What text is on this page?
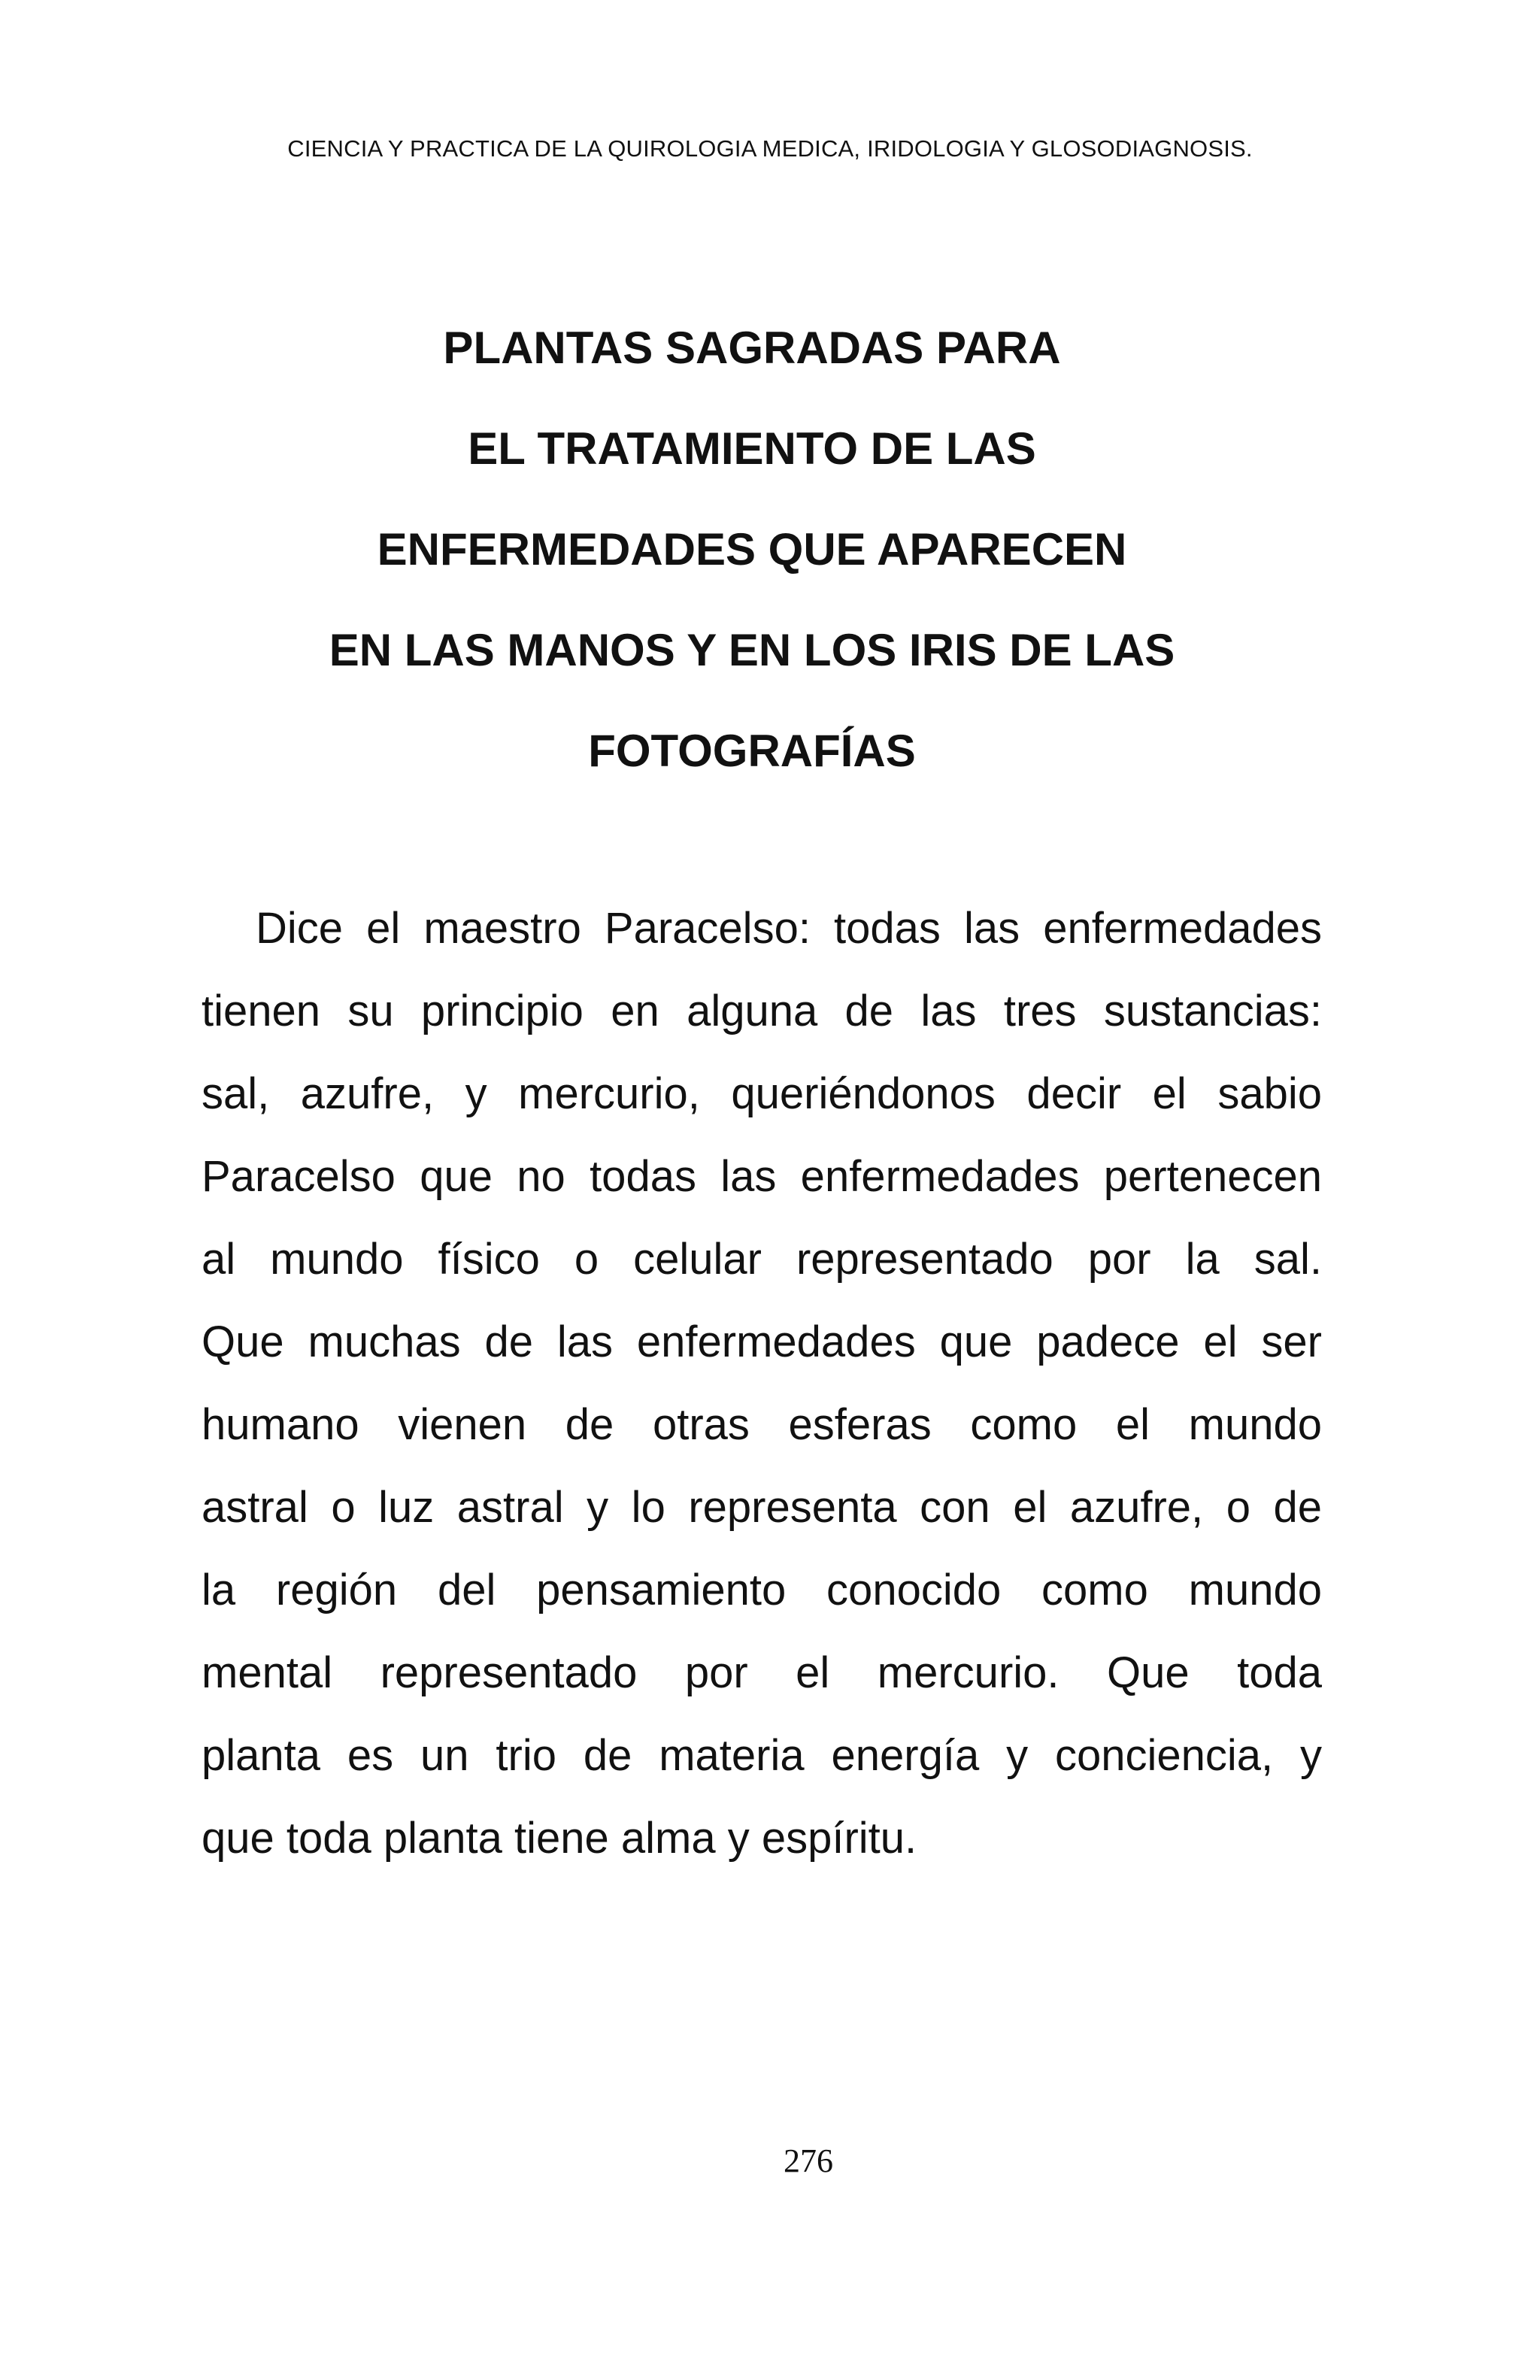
CIENCIA Y PRACTICA DE LA QUIROLOGIA MEDICA, IRIDOLOGIA Y GLOSODIAGNOSIS.
PLANTAS SAGRADAS PARA
EL TRATAMIENTO DE LAS
ENFERMEDADES QUE APARECEN
EN LAS MANOS Y EN LOS IRIS DE LAS
FOTOGRAFÍAS
Dice el maestro Paracelso: todas las enfermedades
tienen su principio en alguna de las tres sustancias:
sal, azufre, y mercurio, queriéndonos decir el sabio
Paracelso que no todas las enfermedades pertenecen
al mundo físico o celular representado por la sal.
Que muchas de las enfermedades que padece el ser
humano vienen de otras esferas como el mundo
astral o luz astral y lo representa con el azufre, o de
la región del pensamiento conocido como mundo
mental representado por el mercurio. Que toda
planta es un trio de materia energía y conciencia, y
que toda planta tiene alma y espíritu.
276
